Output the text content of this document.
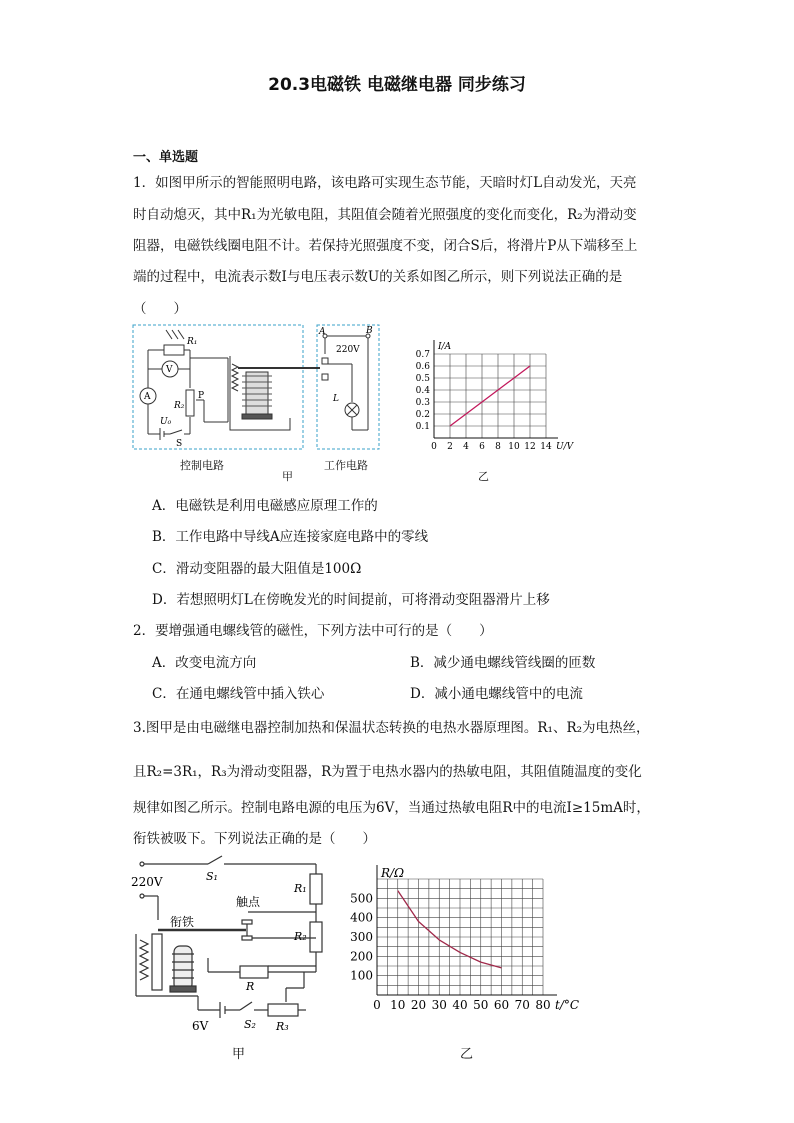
20.3电磁铁 电磁继电器 同步练习
一、单选题
1．如图甲所示的智能照明电路，该电路可实现生态节能，天暗时灯L自动发光，天亮
时自动熄灭，其中R₁为光敏电阻，其阻值会随着光照强度的变化而变化，R₂为滑动变
阻器，电磁铁线圈电阻不计。若保持光照强度不变，闭合S后，将滑片P从下端移至上
端的过程中，电流表示数I与电压表示数U的关系如图乙所示，则下列说法正确的是
（　　）
R₁
V
A
R₂
P
U₀
S
A	B
220V
L
控制电路	工作电路
甲
0 2 4 6 8 10 12 14
0.1
0.2
0.3
0.4
0.5
0.6
0.7
U/V
I/A
乙
A．电磁铁是利用电磁感应原理工作的
B．工作电路中导线A应连接家庭电路中的零线
C．滑动变阻器的最大阻值是100Ω
D．若想照明灯L在傍晚发光的时间提前，可将滑动变阻器滑片上移
2．要增强通电螺线管的磁性，下列方法中可行的是（　　）
A．改变电流方向	B．减少通电螺线管线圈的匝数
C．在通电螺线管中插入铁心	D．减小通电螺线管中的电流
3.图甲是由电磁继电器控制加热和保温状态转换的电热水器原理图。R₁、R₂为电热丝，
且R₂=3R₁，R₃为滑动变阻器，R为置于电热水器内的热敏电阻，其阻值随温度的变化
规律如图乙所示。控制电路电源的电压为6V，当通过热敏电阻R中的电流I≥15mA时，
衔铁被吸下。下列说法正确的是（　　）
220V	S₁
R₁
R₂
触点
衔铁
R
6V	S₂ R₃
甲
0 10 20 30 40 50 60 70 80
100
200
300
400
500
t/°C
R/Ω
乙
